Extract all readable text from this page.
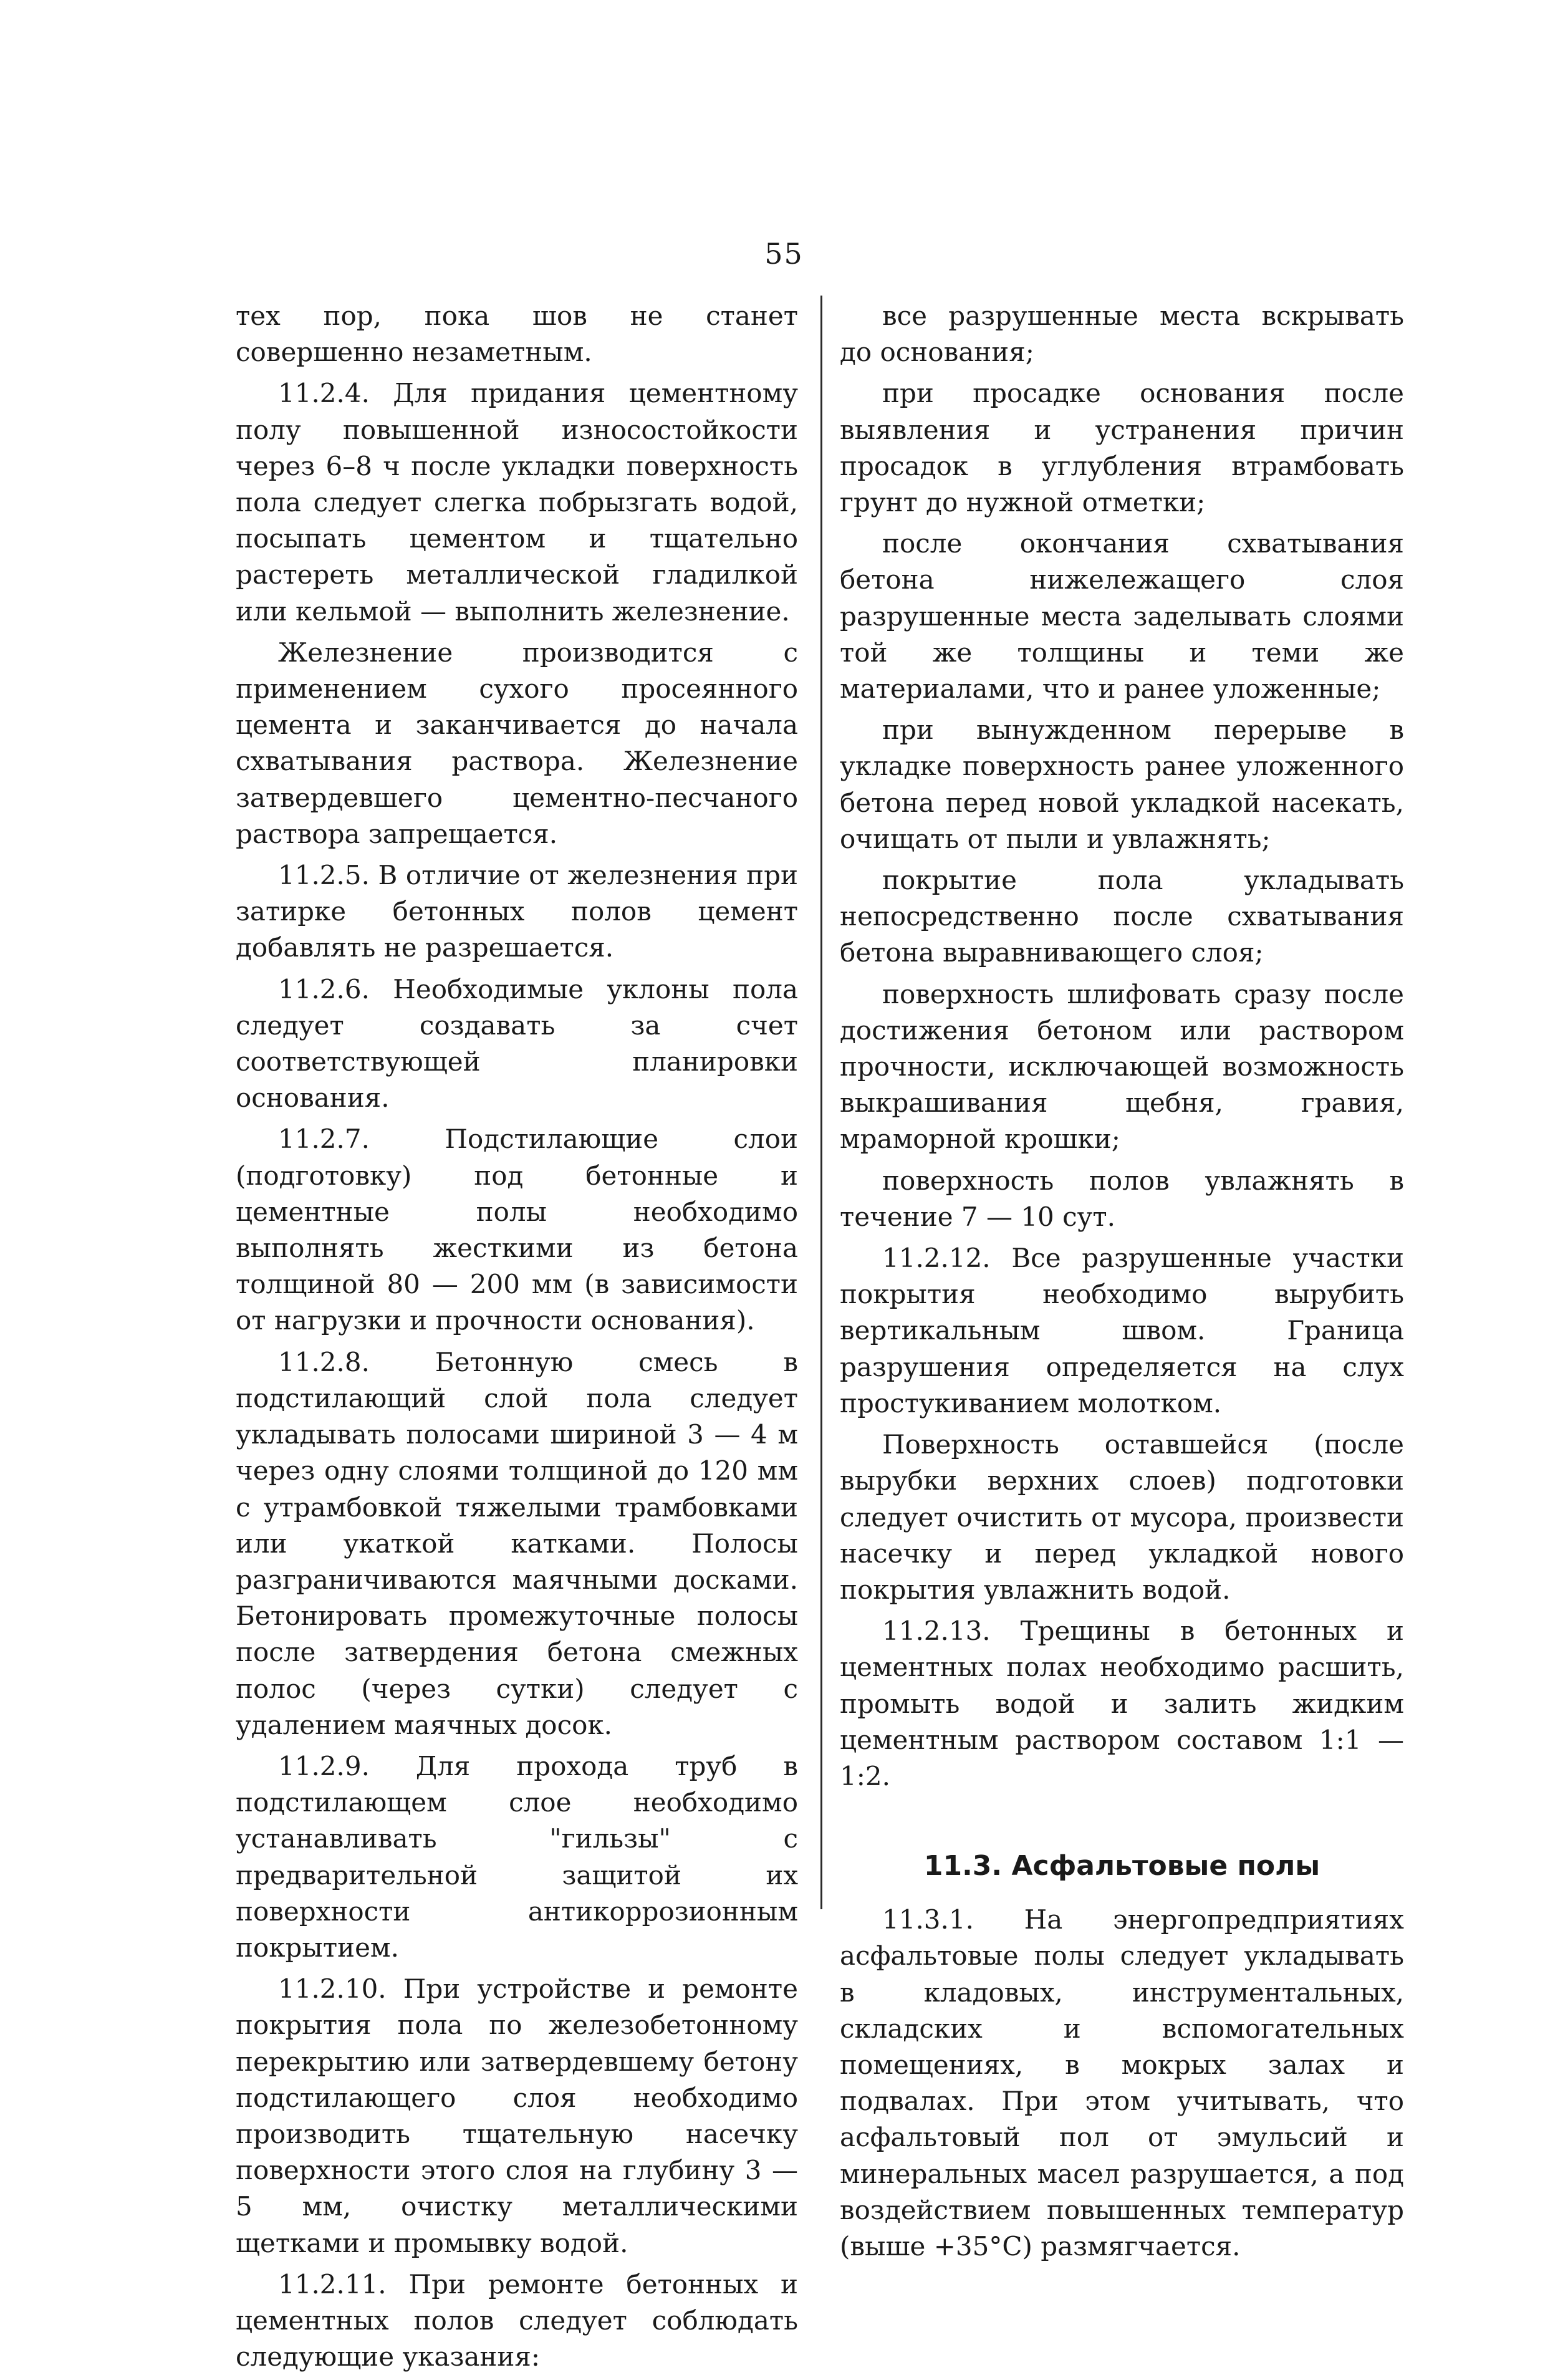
55

тех пор, пока шов не станет совершенно незаметным.

11.2.4. Для придания цементному полу повышенной износостойкости через 6–8 ч после укладки поверхность пола следует слегка побрызгать водой, посыпать цементом и тщательно растереть металлической гладилкой или кельмой — выполнить железнение.

Железнение производится с применением сухого просеянного цемента и заканчивается до начала схватывания раствора. Железнение затвердевшего цементно-песчаного раствора запрещается.

11.2.5. В отличие от железнения при затирке бетонных полов цемент добавлять не разрешается.

11.2.6. Необходимые уклоны пола следует создавать за счет соответствующей планировки основания.

11.2.7. Подстилающие слои (подготовку) под бетонные и цементные полы необходимо выполнять жесткими из бетона толщиной 80 — 200 мм (в зависимости от нагрузки и прочности основания).

11.2.8. Бетонную смесь в подстилающий слой пола следует укладывать полосами шириной 3 — 4 м через одну слоями толщиной до 120 мм с утрамбовкой тяжелыми трамбовками или укаткой катками. Полосы разграничиваются маячными досками. Бетонировать промежуточные полосы после затвердения бетона смежных полос (через сутки) следует с удалением маячных досок.

11.2.9. Для прохода труб в подстилающем слое необходимо устанавливать "гильзы" с предварительной защитой их поверхности антикоррозионным покрытием.

11.2.10. При устройстве и ремонте покрытия пола по железобетонному перекрытию или затвердевшему бетону подстилающего слоя необходимо производить тщательную насечку поверхности этого слоя на глубину 3 — 5 мм, очистку металлическими щетками и промывку водой.

11.2.11. При ремонте бетонных и цементных полов следует соблюдать следующие указания:

все разрушенные места вскрывать до основания;

при просадке основания после выявления и устранения причин просадок в углубления втрамбовать грунт до нужной отметки;

после окончания схватывания бетона нижележащего слоя разрушенные места заделывать слоями той же толщины и теми же материалами, что и ранее уложенные;

при вынужденном перерыве в укладке поверхность ранее уложенного бетона перед новой укладкой насекать, очищать от пыли и увлажнять;

покрытие пола укладывать непосредственно после схватывания бетона выравнивающего слоя;

поверхность шлифовать сразу после достижения бетоном или раствором прочности, исключающей возможность выкрашивания щебня, гравия, мраморной крошки;

поверхность полов увлажнять в течение 7 — 10 сут.

11.2.12. Все разрушенные участки покрытия необходимо вырубить вертикальным швом. Граница разрушения определяется на слух простукиванием молотком.

Поверхность оставшейся (после вырубки верхних слоев) подготовки следует очистить от мусора, произвести насечку и перед укладкой нового покрытия увлажнить водой.

11.2.13. Трещины в бетонных и цементных полах необходимо расшить, промыть водой и залить жидким цементным раствором составом 1:1 — 1:2.

11.3. Асфальтовые полы

11.3.1. На энергопредприятиях асфальтовые полы следует укладывать в кладовых, инструментальных, складских и вспомогательных помещениях, в мокрых залах и подвалах. При этом учитывать, что асфальтовый пол от эмульсий и минеральных масел разрушается, а под воздействием повышенных температур (выше +35°С) размягчается.
